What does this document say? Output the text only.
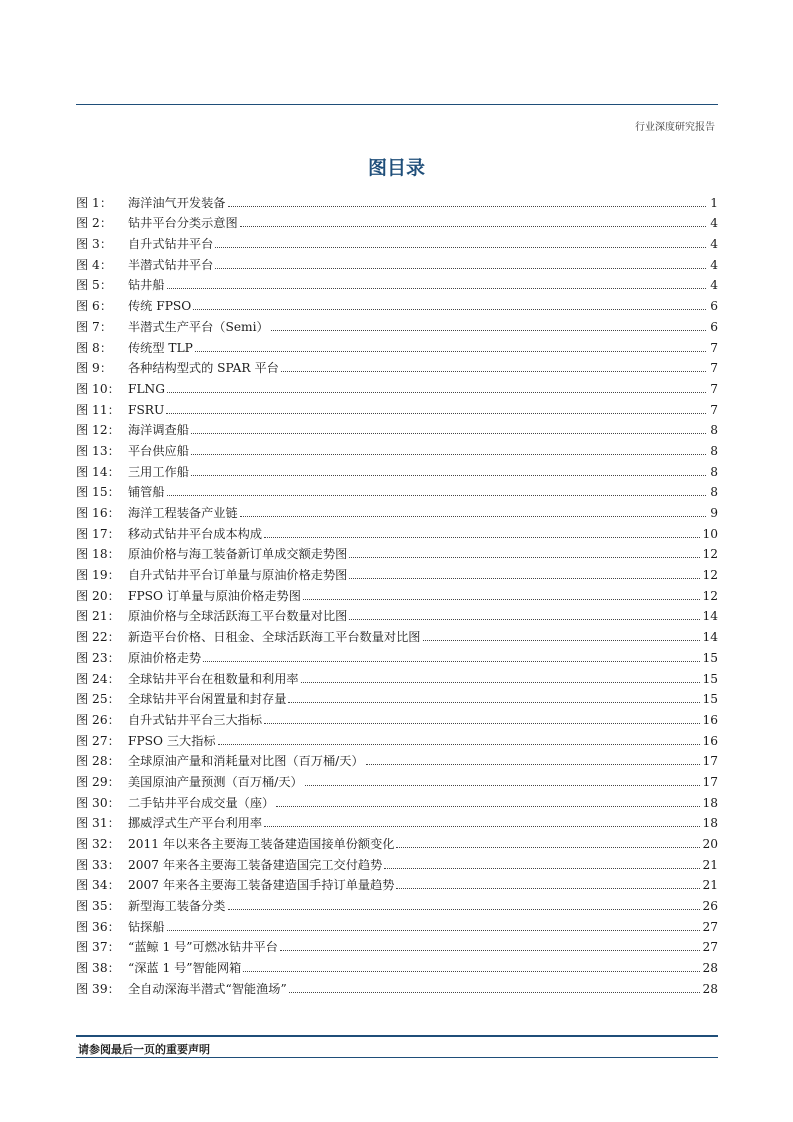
行业深度研究报告
图目录
图 1：	海洋油气开发装备	1
图 2：	钻井平台分类示意图	4
图 3：	自升式钻井平台	4
图 4：	半潜式钻井平台	4
图 5：	钻井船	4
图 6：	传统 FPSO	6
图 7：	半潜式生产平台（Semi）	6
图 8：	传统型 TLP	7
图 9：	各种结构型式的 SPAR 平台	7
图 10： FLNG	7
图 11： FSRU	7
图 12： 海洋调查船	8
图 13： 平台供应船	8
图 14： 三用工作船	8
图 15： 铺管船	8
图 16： 海洋工程装备产业链	9
图 17： 移动式钻井平台成本构成	10
图 18： 原油价格与海工装备新订单成交额走势图	12
图 19： 自升式钻井平台订单量与原油价格走势图	12
图 20： FPSO 订单量与原油价格走势图	12
图 21： 原油价格与全球活跃海工平台数量对比图	14
图 22： 新造平台价格、日租金、全球活跃海工平台数量对比图	14
图 23： 原油价格走势	15
图 24： 全球钻井平台在租数量和利用率	15
图 25： 全球钻井平台闲置量和封存量	15
图 26： 自升式钻井平台三大指标	16
图 27： FPSO 三大指标	16
图 28： 全球原油产量和消耗量对比图（百万桶/天）	17
图 29： 美国原油产量预测（百万桶/天）	17
图 30： 二手钻井平台成交量（座）	18
图 31： 挪威浮式生产平台利用率	18
图 32： 2011 年以来各主要海工装备建造国接单份额变化	20
图 33： 2007 年来各主要海工装备建造国完工交付趋势	21
图 34： 2007 年来各主要海工装备建造国手持订单量趋势	21
图 35： 新型海工装备分类	26
图 36： 钻探船	27
图 37： “蓝鲸 1 号”可燃冰钻井平台	27
图 38： “深蓝 1 号”智能网箱	28
图 39： 全自动深海半潜式“智能渔场”	28
请参阅最后一页的重要声明
